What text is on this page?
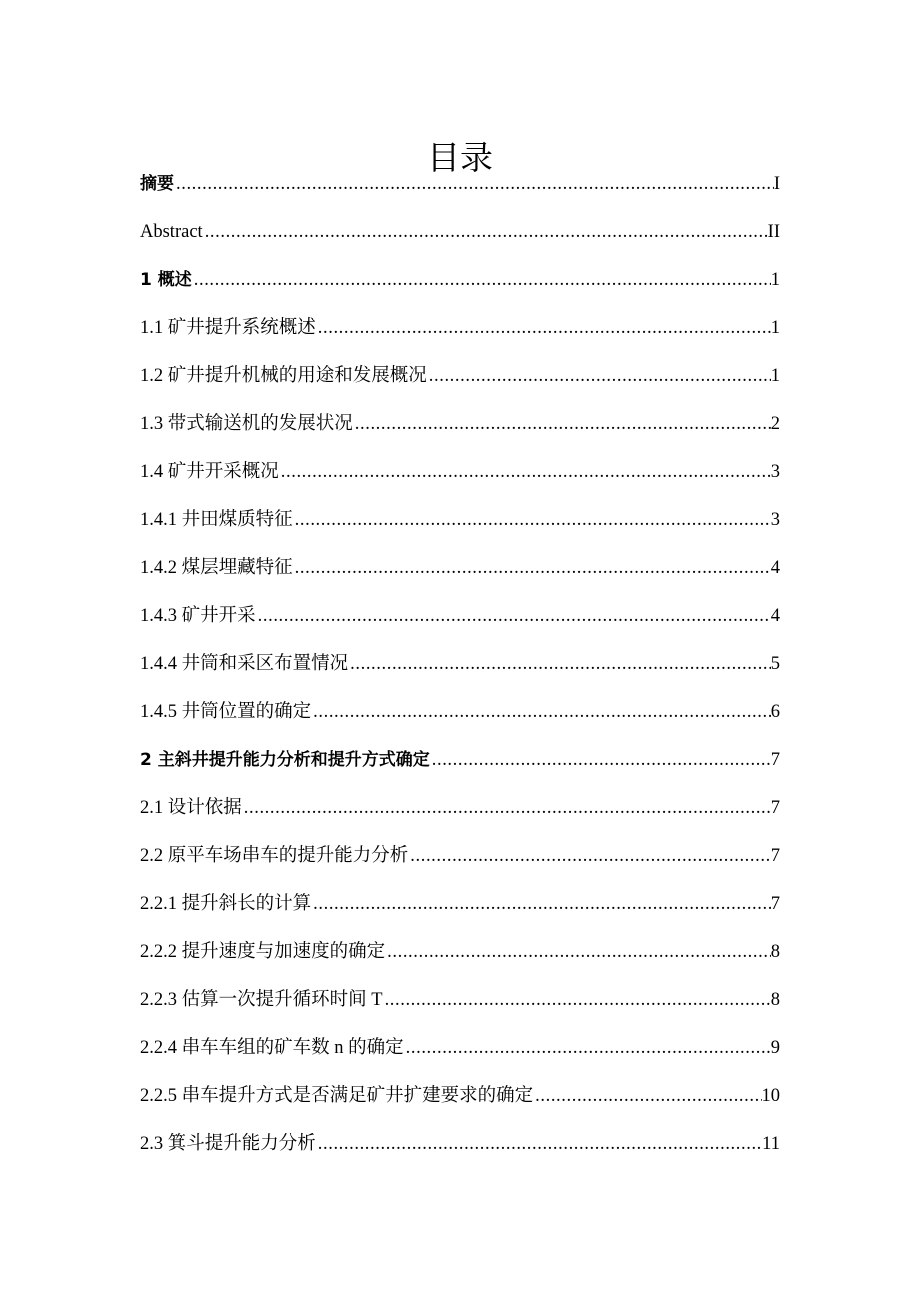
目录
摘要 .....	I
Abstract .....	II
1 概述 .....	1
1.1 矿井提升系统概述 .....	1
1.2 矿井提升机械的用途和发展概况 .....	1
1.3 带式输送机的发展状况 .....	2
1.4 矿井开采概况 .....	3
1.4.1 井田煤质特征 .....	3
1.4.2 煤层埋藏特征 .....	4
1.4.3 矿井开采 .....	4
1.4.4 井筒和采区布置情况 .....	5
1.4.5 井筒位置的确定 .....	6
2 主斜井提升能力分析和提升方式确定 .....	7
2.1 设计依据 .....	7
2.2 原平车场串车的提升能力分析 .....	7
2.2.1 提升斜长的计算 .....	7
2.2.2 提升速度与加速度的确定 .....	8
2.2.3 估算一次提升循环时间 T .....	8
2.2.4 串车车组的矿车数 n 的确定 .....	9
2.2.5 串车提升方式是否满足矿井扩建要求的确定 .....	10
2.3 箕斗提升能力分析 .....	11
